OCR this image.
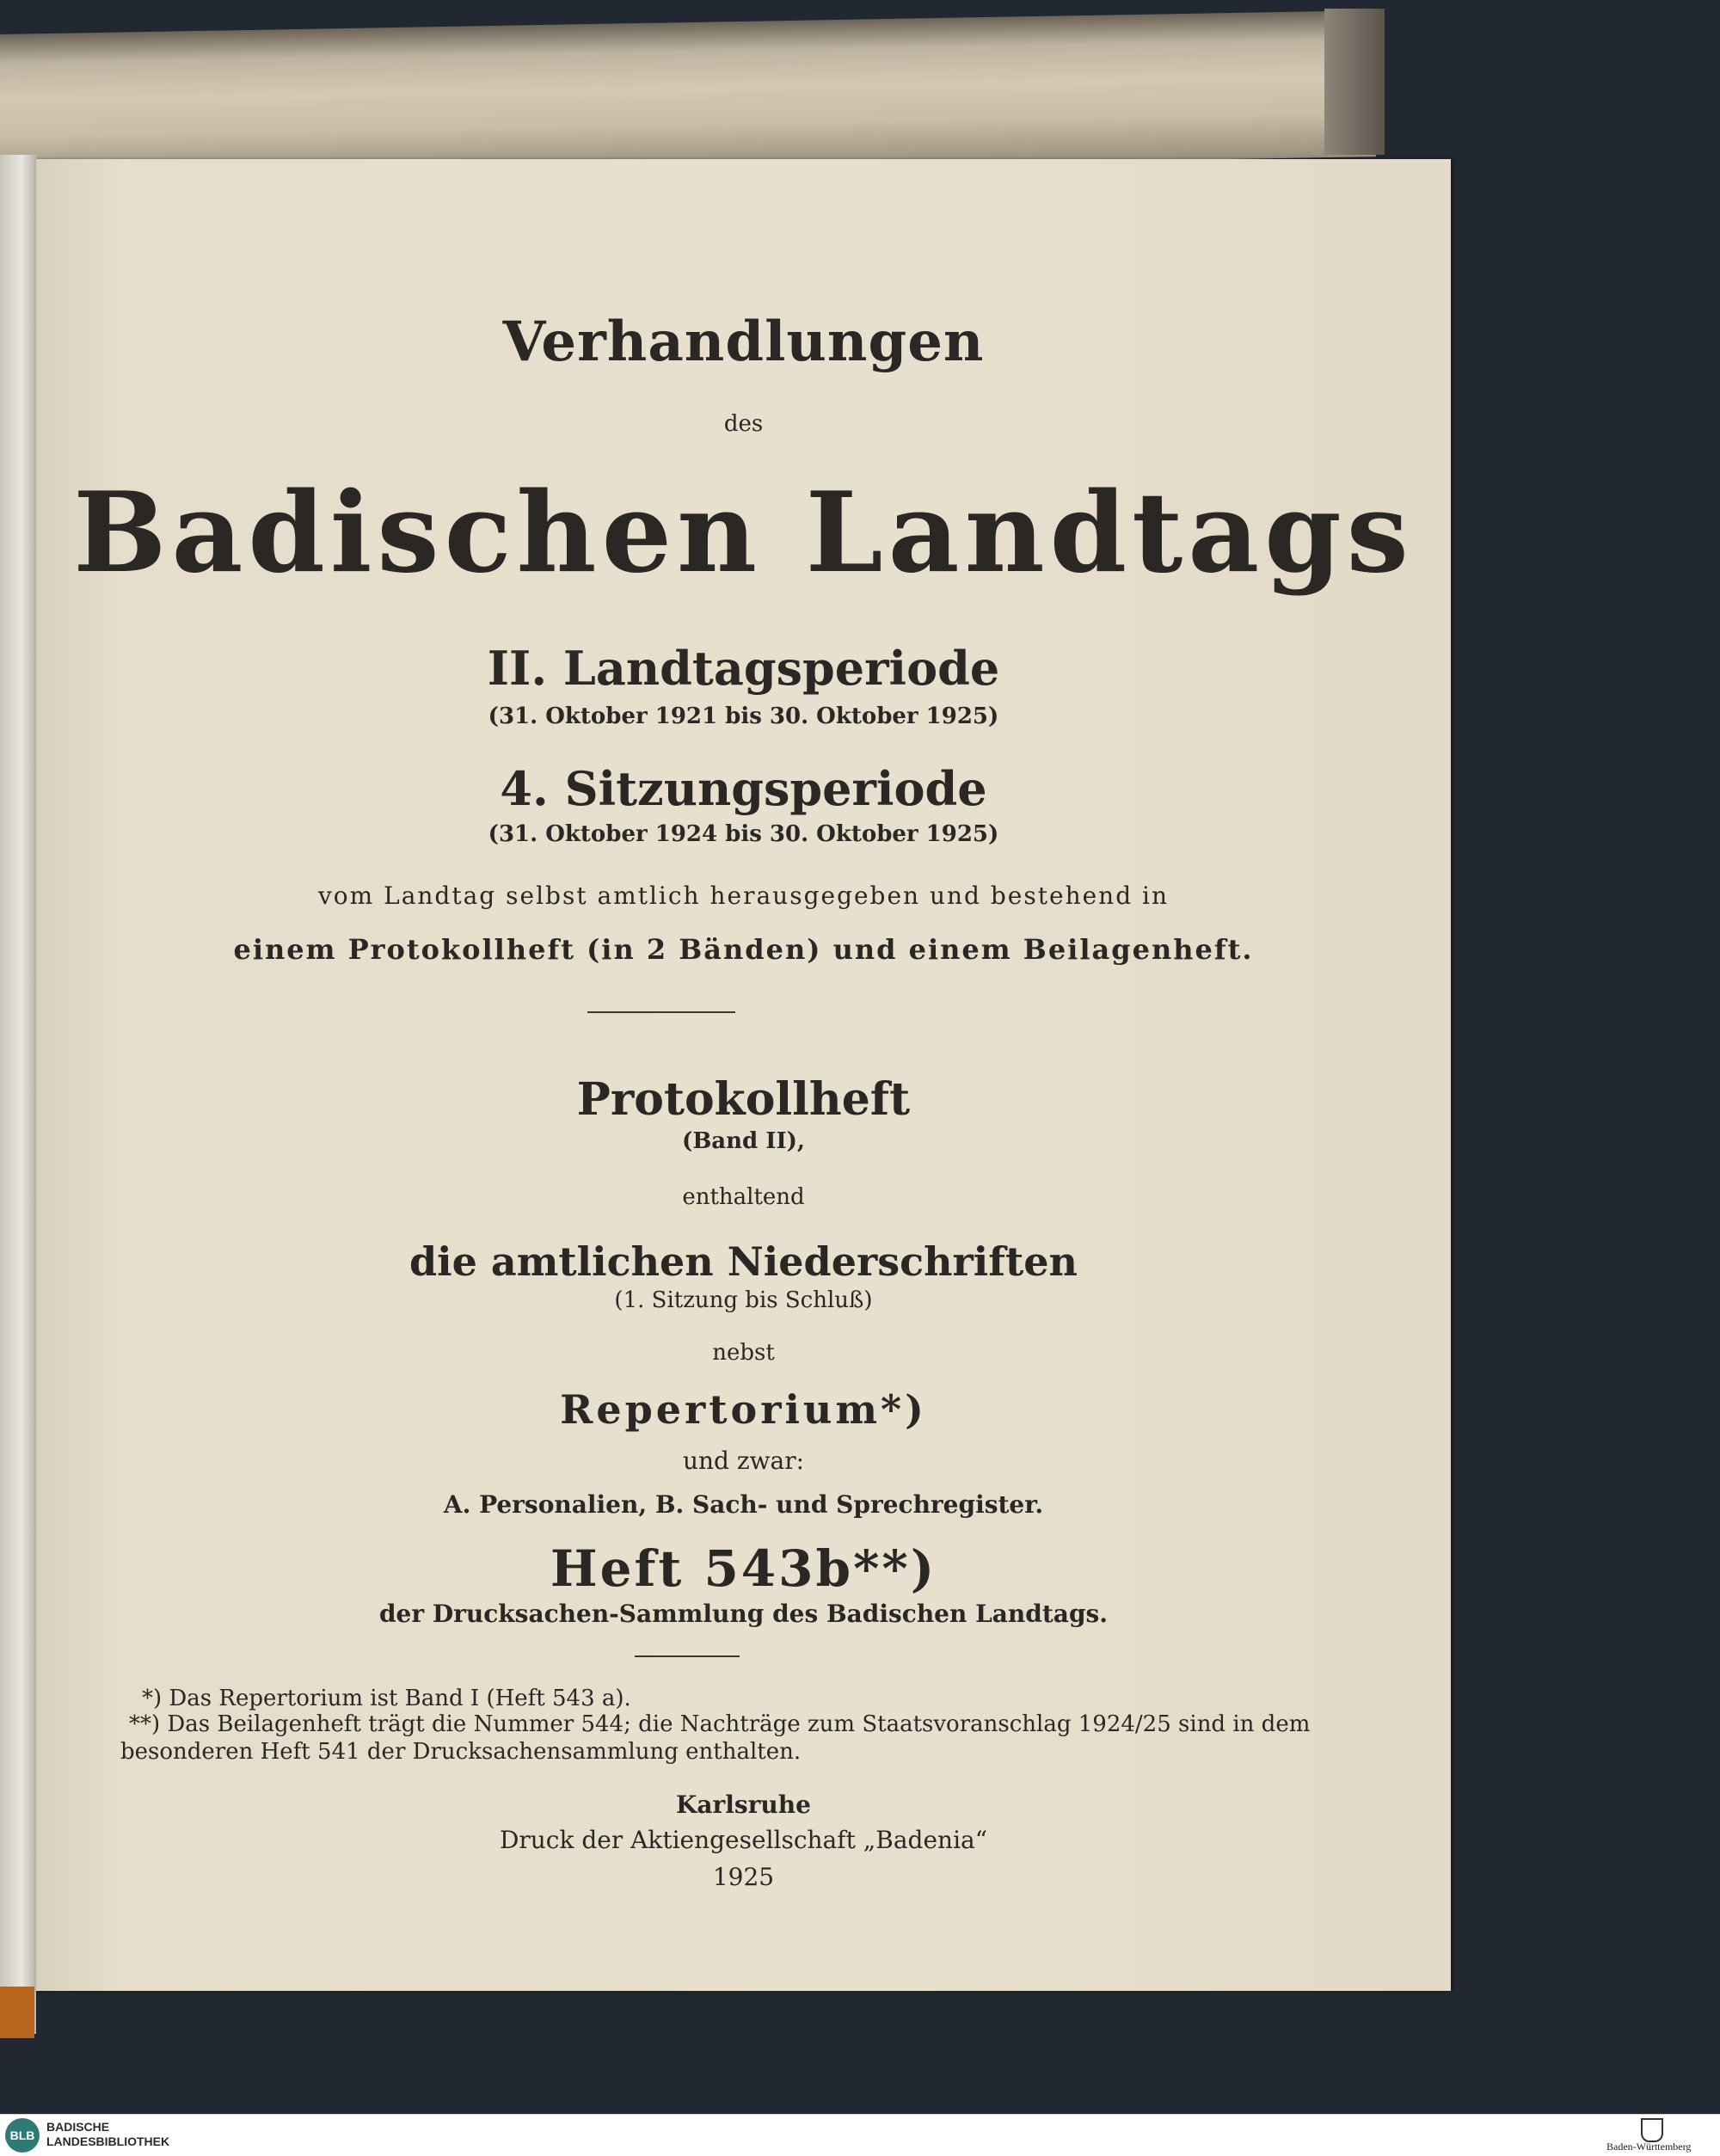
Verhandlungen
des
Badischen Landtags
II. Landtagsperiode
(31. Oktober 1921 bis 30. Oktober 1925)
4. Sitzungsperiode
(31. Oktober 1924 bis 30. Oktober 1925)
vom Landtag selbst amtlich herausgegeben und bestehend in
einem Protokollheft (in 2 Bänden) und einem Beilagenheft.
Protokollheft
(Band II),
enthaltend
die amtlichen Niederschriften
(1. Sitzung bis Schluß)
nebst
Repertorium*)
und zwar:
A. Personalien, B. Sach- und Sprechregister.
Heft 543b**)
der Drucksachen-Sammlung des Badischen Landtags.
*) Das Repertorium ist Band I (Heft 543 a).
**) Das Beilagenheft trägt die Nummer 544; die Nachträge zum Staatsvoranschlag 1924/25 sind in dem
besonderen Heft 541 der Drucksachensammlung enthalten.
Karlsruhe
Druck der Aktiengesellschaft „Badenia“
1925
BLB
BADISCHE
LANDESBIBLIOTHEK	Baden-Württemberg
